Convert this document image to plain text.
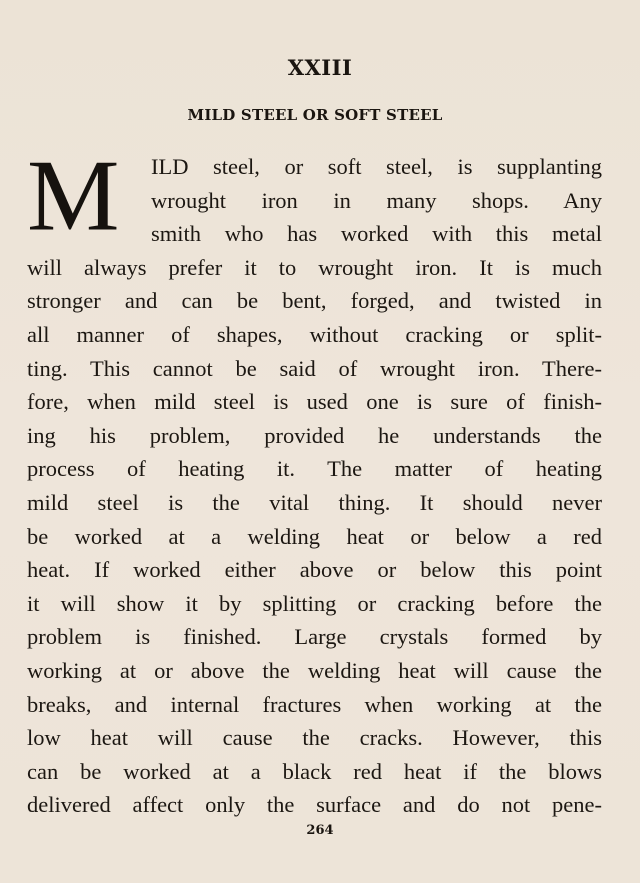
XXIII
MILD STEEL OR SOFT STEEL
M ILD steel, or soft steel, is supplanting
wrought iron in many shops. Any
smith who has worked with this metal
will always prefer it to wrought iron. It is much
stronger and can be bent, forged, and twisted in
all manner of shapes, without cracking or split-
ting. This cannot be said of wrought iron. There-
fore, when mild steel is used one is sure of finish-
ing his problem, provided he understands the
process of heating it. The matter of heating
mild steel is the vital thing. It should never
be worked at a welding heat or below a red
heat. If worked either above or below this point
it will show it by splitting or cracking before the
problem is finished. Large crystals formed by
working at or above the welding heat will cause the
breaks, and internal fractures when working at the
low heat will cause the cracks. However, this
can be worked at a black red heat if the blows
delivered affect only the surface and do not pene-
264
